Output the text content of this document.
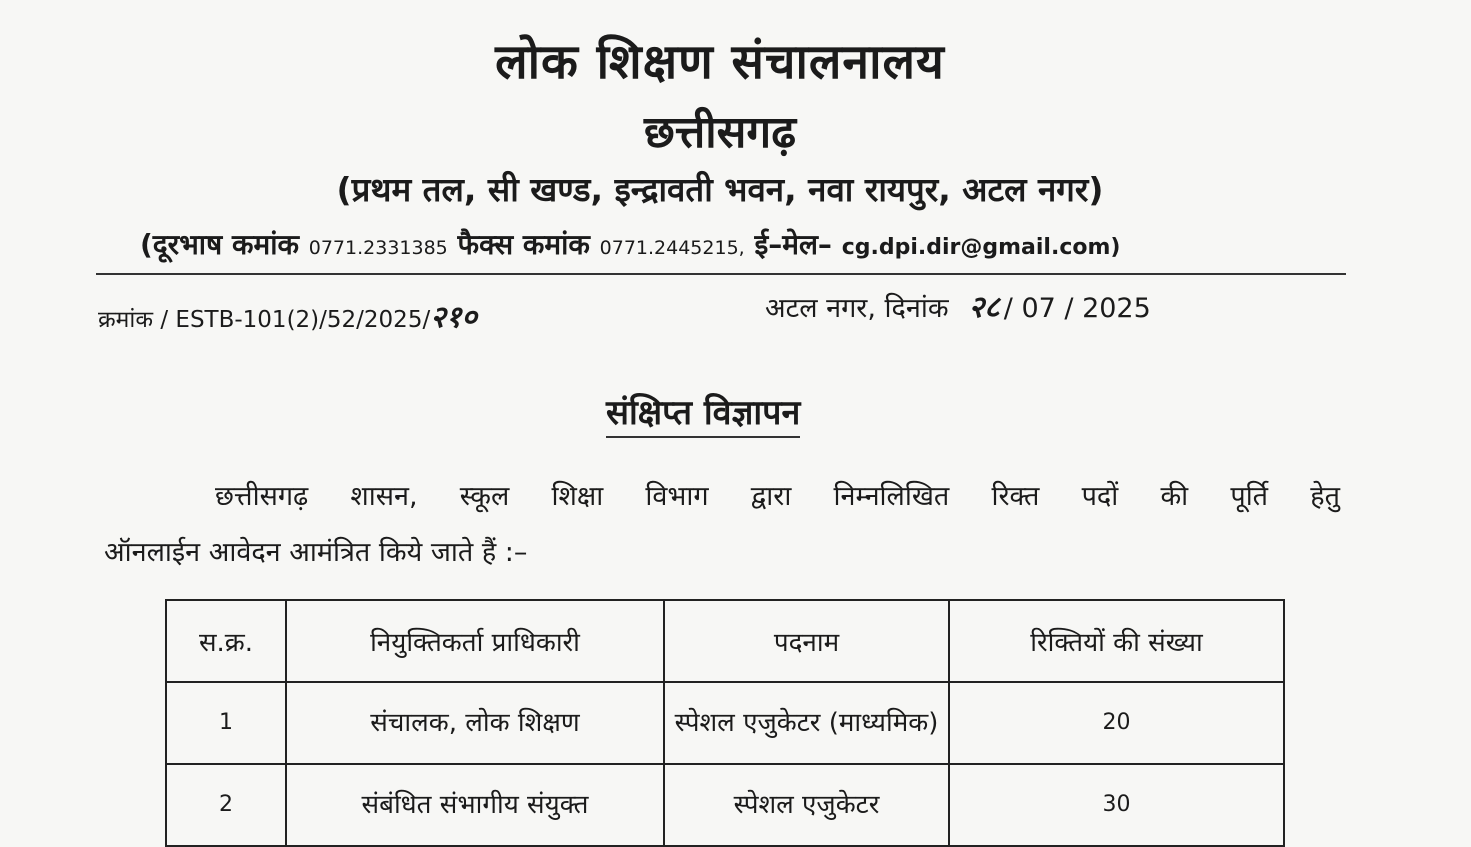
लोक शिक्षण संचालनालय
छत्तीसगढ़
(प्रथम तल, सी खण्ड, इन्द्रावती भवन, नवा रायपुर, अटल नगर)
(दूरभाष कमांक 0771.2331385 फैक्स कमांक 0771.2445215, ई–मेल– cg.dpi.dir@gmail.com)
क्रमांक / ESTB-101(2)/52/2025/२१०	अटल नगर, दिनांक २८ / 07 / 2025
संक्षिप्त विज्ञापन
छत्तीसगढ़ शासन, स्कूल शिक्षा विभाग द्वारा निम्नलिखित रिक्त पदों की पूर्ति हेतु
ऑनलाईन आवेदन आमंत्रित किये जाते हैं :–
स.क्र.	नियुक्तिकर्ता प्राधिकारी	पदनाम	रिक्तियों की संख्या
1	संचालक, लोक शिक्षण	स्पेशल एजुकेटर (माध्यमिक)	20
2	संबंधित संभागीय संयुक्त	स्पेशल एजुकेटर	30
